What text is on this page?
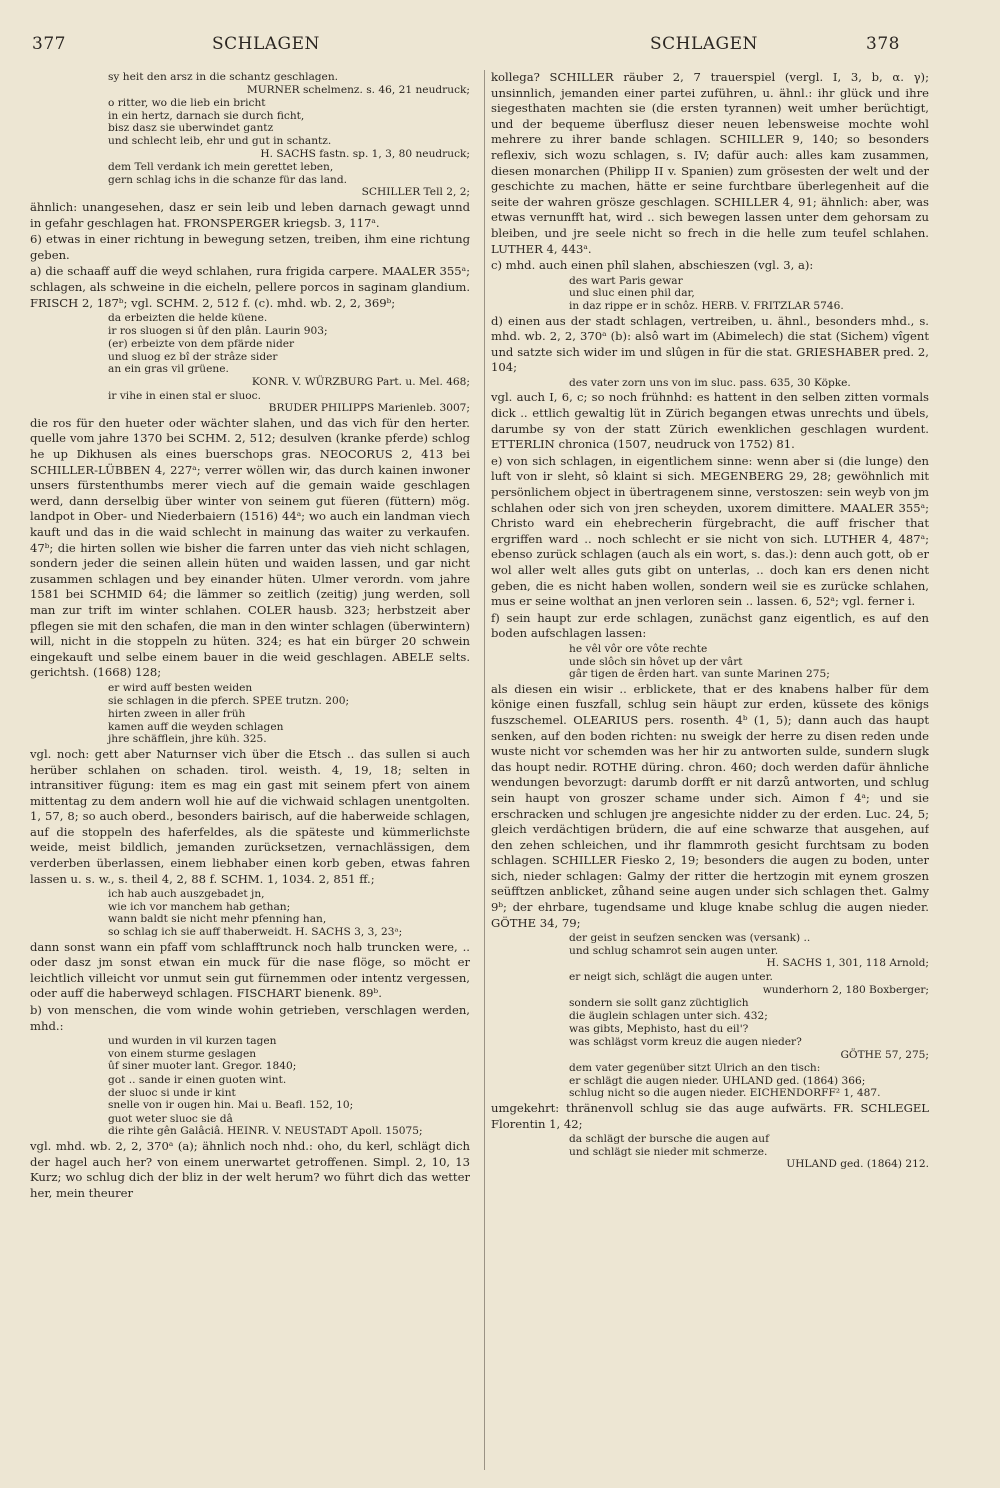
377	SCHLAGEN	SCHLAGEN	378
sy heit den arsz in die schantz geschlagen.
MURNER schelmenz. s. 46, 21 neudruck;
o ritter, wo die lieb ein bricht
in ein hertz, darnach sie durch ficht,
bisz dasz sie uberwindet gantz
und schlecht leib, ehr und gut in schantz.
H. SACHS fastn. sp. 1, 3, 80 neudruck;
dem Tell verdank ich mein gerettet leben,
gern schlag ichs in die schanze für das land.
SCHILLER Tell 2, 2;

ähnlich: unangesehen, dasz er sein leib und leben darnach gewagt unnd in gefahr geschlagen hat. FRONSPERGER kriegsb. 3, 117ᵃ.

6) etwas in einer richtung in bewegung setzen, treiben, ihm eine richtung geben.

a) die schaaff auff die weyd schlahen, rura frigida carpere. MAALER 355ᵃ; schlagen, als schweine in die eicheln, pellere porcos in saginam glandium. FRISCH 2, 187ᵇ; vgl. SCHM. 2, 512 f. (c). mhd. wb. 2, 2, 369ᵇ;

da erbeizten die helde küene.
ir ros sluogen si ûf den plân. Laurin 903;
(er) erbeizte von dem pfärde nider
und sluog ez bî der strâze sider
an ein gras vil grüene.
KONR. V. WÜRZBURG Part. u. Mel. 468;
ir vihe in einen stal er sluoc.
BRUDER PHILIPPS Marienleb. 3007;

die ros für den hueter oder wächter slahen, und das vich für den herter. quelle vom jahre 1370 bei SCHM. 2, 512; desulven (kranke pferde) schlog he up Dikhusen als eines buerschops gras. NEOCORUS 2, 413 bei SCHILLER-LÜBBEN 4, 227ᵃ; verrer wöllen wir, das durch kainen inwoner unsers fürstenthumbs merer viech auf die gemain waide geschlagen werd, dann derselbig über winter von seinem gut füeren (füttern) mög. landpot in Ober- und Niederbaiern (1516) 44ᵃ; wo auch ein landman viech kauft und das in die waid schlecht in mainung das waiter zu verkaufen. 47ᵇ; die hirten sollen wie bisher die farren unter das vieh nicht schlagen, sondern jeder die seinen allein hüten und waiden lassen, und gar nicht zusammen schlagen und bey einander hüten. Ulmer verordn. vom jahre 1581 bei SCHMID 64; die lämmer so zeitlich (zeitig) jung werden, soll man zur trift im winter schlahen. COLER hausb. 323; herbstzeit aber pflegen sie mit den schafen, die man in den winter schlagen (überwintern) will, nicht in die stoppeln zu hüten. 324; es hat ein bürger 20 schwein eingekauft und selbe einem bauer in die weid geschlagen. ABELE selts. gerichtsh. (1668) 128;

er wird auff besten weiden
sie schlagen in die pferch. SPEE trutzn. 200;
hirten zween in aller früh
kamen auff die weyden schlagen
jhre schäfflein, jhre küh. 325.

vgl. noch: gett aber Naturnser vich über die Etsch .. das sullen si auch herüber schlahen on schaden. tirol. weisth. 4, 19, 18; selten in intransitiver fügung: item es mag ein gast mit seinem pfert von ainem mittentag zu dem andern woll hie auf die vichwaid schlagen unentgolten. 1, 57, 8; so auch oberd., besonders bairisch, auf die haberweide schlagen, auf die stoppeln des haferfeldes, als die späteste und kümmerlichste weide, meist bildlich, jemanden zurücksetzen, vernachlässigen, dem verderben überlassen, einem liebhaber einen korb geben, etwas fahren lassen u. s. w., s. theil 4, 2, 88 f. SCHM. 1, 1034. 2, 851 ff.;

ich hab auch auszgebadet jn,
wie ich vor manchem hab gethan;
wann baldt sie nicht mehr pfenning han,
so schlag ich sie auff thaberweidt. H. SACHS 3, 3, 23ᵃ;

dann sonst wann ein pfaff vom schlafftrunck noch halb truncken were, .. oder dasz jm sonst etwan ein muck für die nase flöge, so möcht er leichtlich villeicht vor unmut sein gut fürnemmen oder intentz vergessen, oder auff die haberweyd schlagen. FISCHART bienenk. 89ᵇ.

b) von menschen, die vom winde wohin getrieben, verschlagen werden, mhd.:

und wurden in vil kurzen tagen
von einem sturme geslagen
ûf siner muoter lant. Gregor. 1840;
got .. sande ir einen guoten wint.
der sluoc si unde ir kint
snelle von ir ougen hin. Mai u. Beafl. 152, 10;
guot weter sluoc sie dâ
die rihte gên Galâciâ. HEINR. V. NEUSTADT Apoll. 15075;

vgl. mhd. wb. 2, 2, 370ᵃ (a); ähnlich noch nhd.: oho, du kerl, schlägt dich der hagel auch her? von einem unerwartet getroffenen. Simpl. 2, 10, 13 Kurz; wo schlug dich der bliz in der welt herum? wo führt dich das wetter her, mein theurer

kollega? SCHILLER räuber 2, 7 trauerspiel (vergl. I, 3, b, α. γ); unsinnlich, jemanden einer partei zuführen, u. ähnl.: ihr glück und ihre siegesthaten machten sie (die ersten tyrannen) weit umher berüchtigt, und der bequeme überflusz dieser neuen lebensweise mochte wohl mehrere zu ihrer bande schlagen. SCHILLER 9, 140; so besonders reflexiv, sich wozu schlagen, s. IV; dafür auch: alles kam zusammen, diesen monarchen (Philipp II v. Spanien) zum grösesten der welt und der geschichte zu machen, hätte er seine furchtbare überlegenheit auf die seite der wahren grösze geschlagen. SCHILLER 4, 91; ähnlich: aber, was etwas vernunfft hat, wird .. sich bewegen lassen unter dem gehorsam zu bleiben, und jre seele nicht so frech in die helle zum teufel schlahen. LUTHER 4, 443ᵃ.

c) mhd. auch einen phîl slahen, abschieszen (vgl. 3, a):

des wart Paris gewar
und sluc einen phil dar,
in daz rippe er in schôz. HERB. V. FRITZLAR 5746.

d) einen aus der stadt schlagen, vertreiben, u. ähnl., besonders mhd., s. mhd. wb. 2, 2, 370ᵃ (b): alsô wart im (Abimelech) die stat (Sichem) vîgent und satzte sich wider im und slûgen in für die stat. GRIESHABER pred. 2, 104;

des vater zorn uns von im sluc. pass. 635, 30 Köpke.

vgl. auch I, 6, c; so noch frühnhd: es hattent in den selben zitten vormals dick .. ettlich gewaltig lüt in Zürich begangen etwas unrechts und übels, darumbe sy von der statt Zürich ewenklichen geschlagen wurdent. ETTERLIN chronica (1507, neudruck von 1752) 81.

e) von sich schlagen, in eigentlichem sinne: wenn aber si (die lunge) den luft von ir sleht, sô klaint si sich. MEGENBERG 29, 28; gewöhnlich mit persönlichem object in übertragenem sinne, verstoszen: sein weyb von jm schlahen oder sich von jren scheyden, uxorem dimittere. MAALER 355ᵃ; Christo ward ein ehebrecherin fürgebracht, die auff frischer that ergriffen ward .. noch schlecht er sie nicht von sich. LUTHER 4, 487ᵃ; ebenso zurück schlagen (auch als ein wort, s. das.): denn auch gott, ob er wol aller welt alles guts gibt on unterlas, .. doch kan ers denen nicht geben, die es nicht haben wollen, sondern weil sie es zurücke schlahen, mus er seine wolthat an jnen verloren sein .. lassen. 6, 52ᵃ; vgl. ferner i.

f) sein haupt zur erde schlagen, zunächst ganz eigentlich, es auf den boden aufschlagen lassen:

he vêl vôr ore vôte rechte
unde slôch sin hôvet up der vârt
gâr tigen de êrden hart. van sunte Marinen 275;

als diesen ein wisir .. erblickete, that er des knabens halber für dem könige einen fuszfall, schlug sein häupt zur erden, küssete des königs fuszschemel. OLEARIUS pers. rosenth. 4ᵇ (1, 5); dann auch das haupt senken, auf den boden richten: nu sweigk der herre zu disen reden unde wuste nicht vor schemden was her hir zu antworten sulde, sundern slugk das houpt nedir. ROTHE düring. chron. 460; doch werden dafür ähnliche wendungen bevorzugt: darumb dorfft er nit darzů antworten, und schlug sein haupt von groszer schame under sich. Aimon f 4ᵃ; und sie erschracken und schlugen jre angesichte nidder zu der erden. Luc. 24, 5; gleich verdächtigen brüdern, die auf eine schwarze that ausgehen, auf den zehen schleichen, und ihr flammroth gesicht furchtsam zu boden schlagen. SCHILLER Fiesko 2, 19; besonders die augen zu boden, unter sich, nieder schlagen: Galmy der ritter die hertzogin mit eynem groszen seüfftzen anblicket, zůhand seine augen under sich schlagen thet. Galmy 9ᵇ; der ehrbare, tugendsame und kluge knabe schlug die augen nieder. GÖTHE 34, 79;

der geist in seufzen sencken was (versank) ..
und schlug schamrot sein augen unter.
H. SACHS 1, 301, 118 Arnold;
er neigt sich, schlägt die augen unter.
wunderhorn 2, 180 Boxberger;
sondern sie sollt ganz züchtiglich
die äuglein schlagen unter sich. 432;
was gibts, Mephisto, hast du eil'?
was schlägst vorm kreuz die augen nieder?
GÖTHE 57, 275;
dem vater gegenüber sitzt Ulrich an den tisch:
er schlägt die augen nieder. UHLAND ged. (1864) 366;
schlug nicht so die augen nieder. EICHENDORFF² 1, 487.

umgekehrt: thränenvoll schlug sie das auge aufwärts. FR. SCHLEGEL Florentin 1, 42;

da schlägt der bursche die augen auf
und schlägt sie nieder mit schmerze.
UHLAND ged. (1864) 212.
